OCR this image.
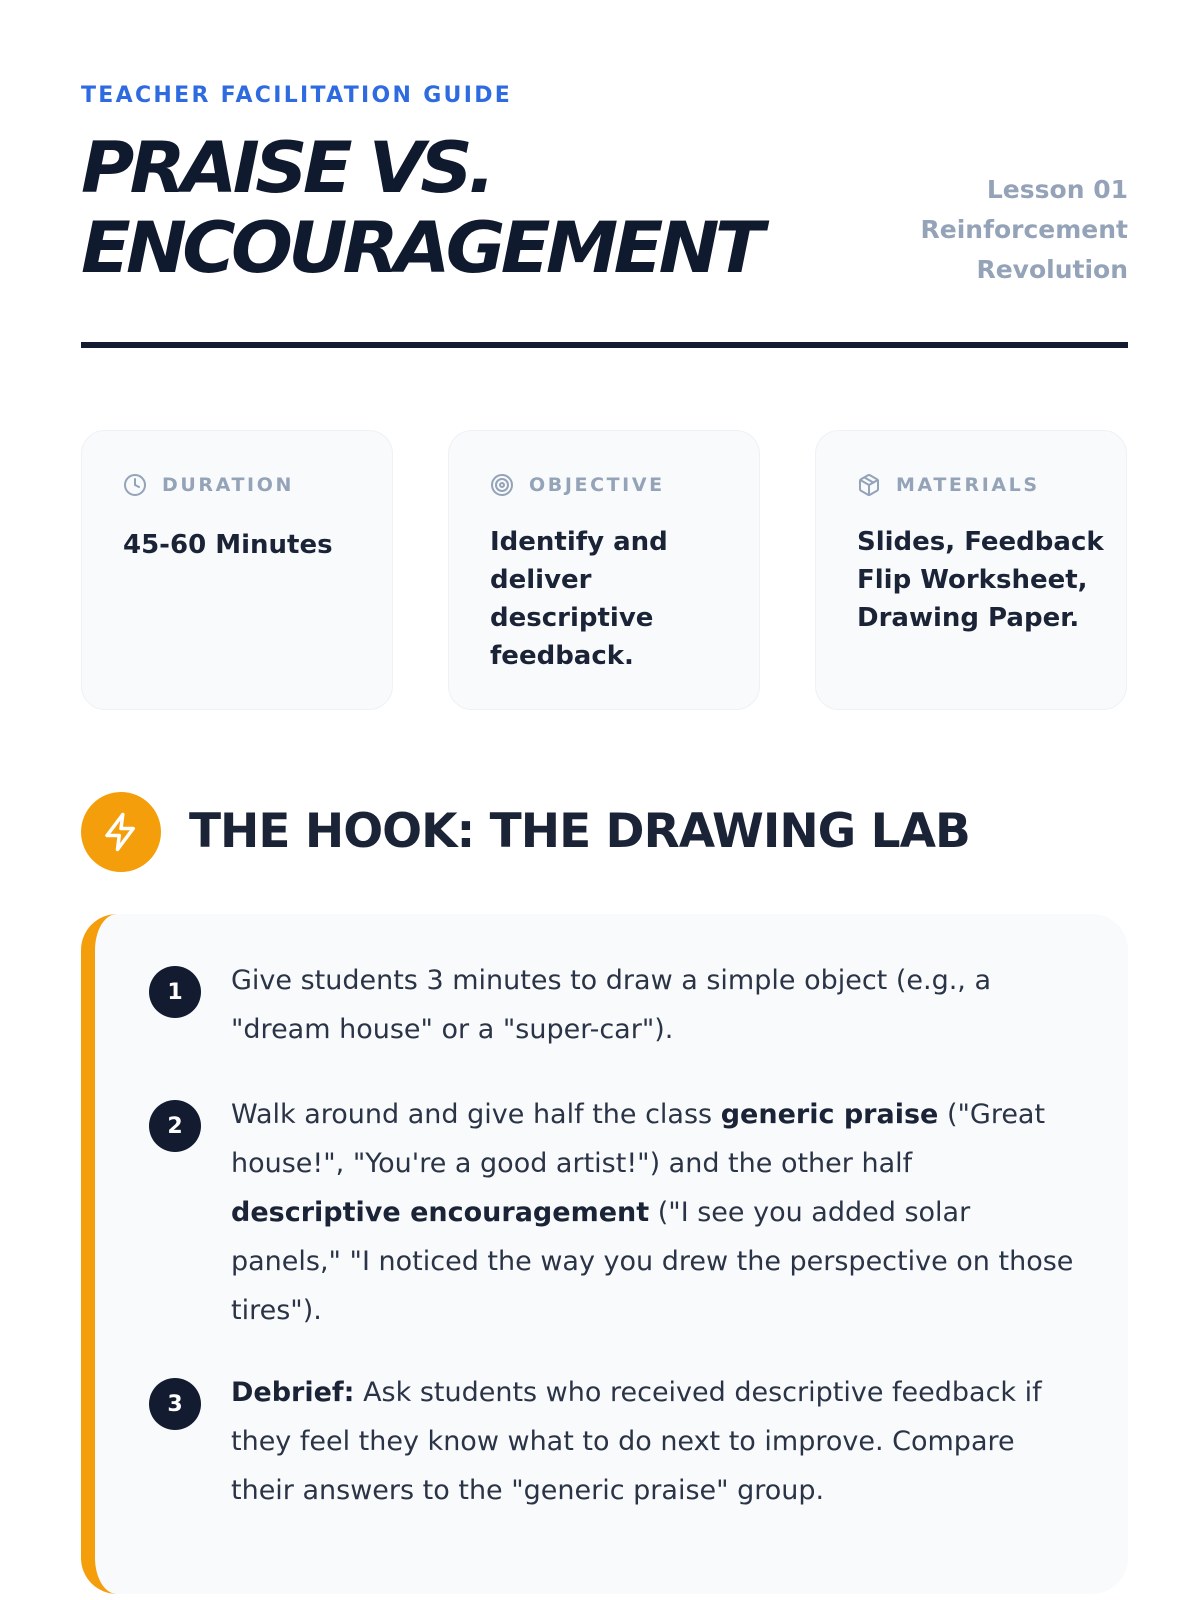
TEACHER FACILITATION GUIDE
PRAISE VS.
ENCOURAGEMENT
Lesson 01
Reinforcement
Revolution
DURATION
45-60 Minutes
OBJECTIVE
Identify and deliver descriptive feedback.
MATERIALS
Slides, Feedback Flip Worksheet, Drawing Paper.
THE HOOK: THE DRAWING LAB
1	Give students 3 minutes to draw a simple object (e.g., a "dream house" or a "super-car").

2	Walk around and give half the class generic praise ("Great house!", "You're a good artist!") and the other half descriptive encouragement ("I see you added solar panels," "I noticed the way you drew the perspective on those tires").

3	Debrief: Ask students who received descriptive feedback if they feel they know what to do next to improve. Compare their answers to the "generic praise" group.
